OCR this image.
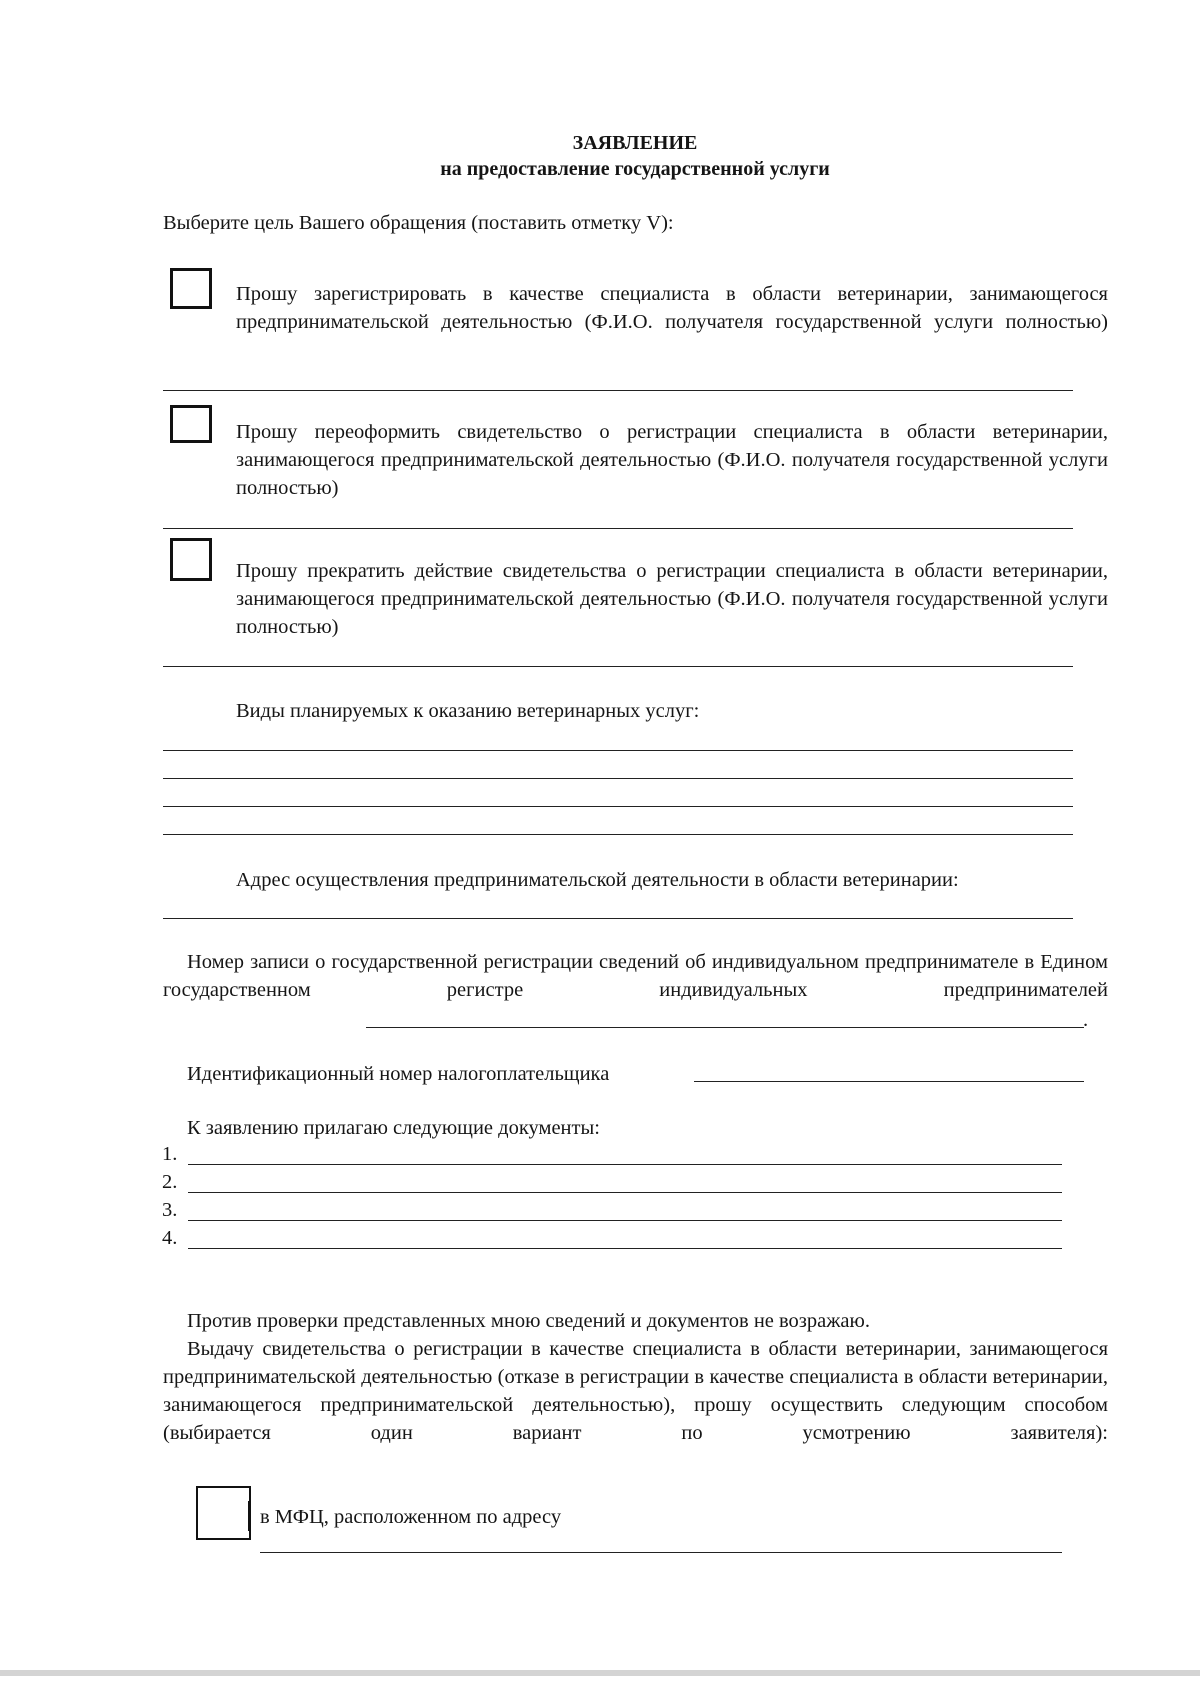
ЗАЯВЛЕНИЕ
на предоставление государственной услуги
Выберите цель Вашего обращения (поставить отметку V):
Прошу зарегистрировать в качестве специалиста в области ветеринарии, занимающегося предпринимательской деятельностью (Ф.И.О. получателя государственной услуги полностью)
Прошу переоформить свидетельство о регистрации специалиста в области ветеринарии, занимающегося предпринимательской деятельностью (Ф.И.О. получателя государственной услуги полностью)
Прошу прекратить действие свидетельства о регистрации специалиста в области ветеринарии, занимающегося предпринимательской деятельностью (Ф.И.О. получателя государственной услуги полностью)
Виды планируемых к оказанию ветеринарных услуг:
Адрес осуществления предпринимательской деятельности в области ветеринарии:
Номер записи о государственной регистрации сведений об индивидуальном предпринимателе в Едином государственном регистре индивидуальных предпринимателей
.
Идентификационный номер налогоплательщика
К заявлению прилагаю следующие документы:
1.
2.
3.
4.
Против проверки представленных мною сведений и документов не возражаю.
Выдачу свидетельства о регистрации в качестве специалиста в области ветеринарии, занимающегося предпринимательской деятельностью (отказе в регистрации в качестве специалиста в области ветеринарии, занимающегося предпринимательской деятельностью), прошу осуществить следующим способом (выбирается один вариант по усмотрению заявителя):
в МФЦ, расположенном по адресу
